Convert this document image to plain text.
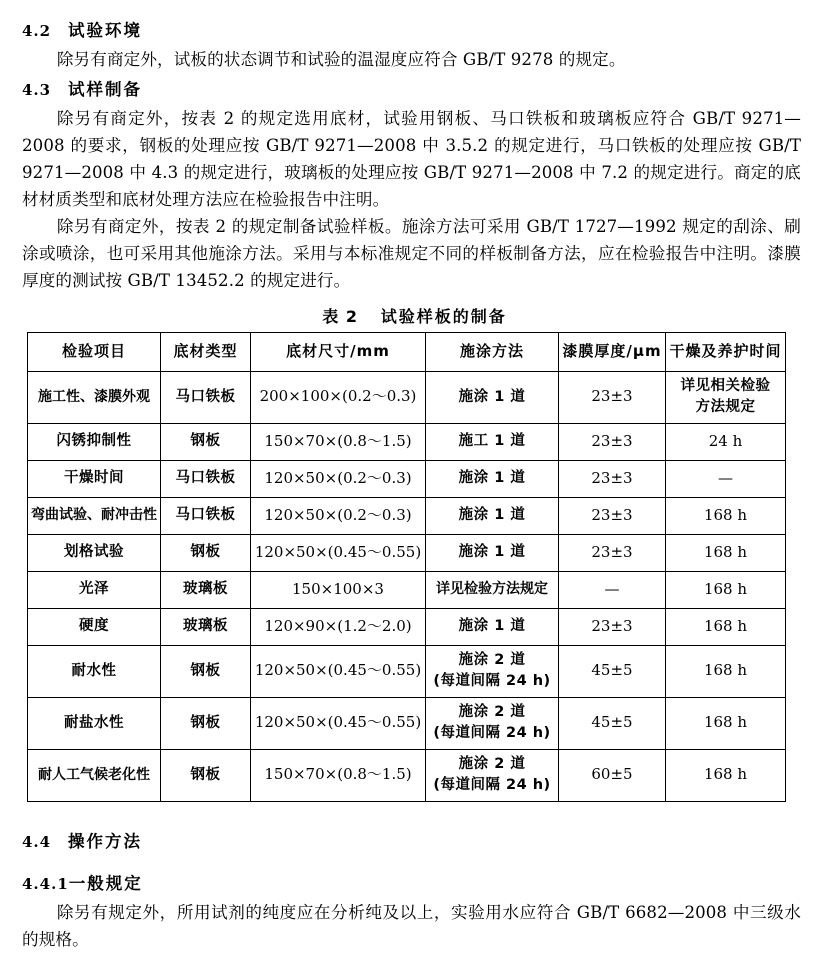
4.2 试验环境

除另有商定外，试板的状态调节和试验的温湿度应符合 GB/T 9278 的规定。

4.3 试样制备

除另有商定外，按表 2 的规定选用底材，试验用钢板、马口铁板和玻璃板应符合 GB/T 9271—2008 的要求，钢板的处理应按 GB/T 9271—2008 中 3.5.2 的规定进行，马口铁板的处理应按 GB/T 9271—2008 中 4.3 的规定进行，玻璃板的处理应按 GB/T 9271—2008 中 7.2 的规定进行。商定的底材材质类型和底材处理方法应在检验报告中注明。

除另有商定外，按表 2 的规定制备试验样板。施涂方法可采用 GB/T 1727—1992 规定的刮涂、刷涂或喷涂，也可采用其他施涂方法。采用与本标准规定不同的样板制备方法，应在检验报告中注明。漆膜厚度的测试按 GB/T 13452.2 的规定进行。

表 2 试验样板的制备

检验项目	底材类型	底材尺寸/mm	施涂方法	漆膜厚度/μm	干燥及养护时间

施工性、漆膜外观	马口铁板	200×100×(0.2～0.3)	施涂 1 道	23±3	详见相关检验
方法规定

闪锈抑制性	钢板	150×70×(0.8～1.5)	施工 1 道	23±3	24 h

干燥时间	马口铁板	120×50×(0.2～0.3)	施涂 1 道	23±3	—

弯曲试验、耐冲击性	马口铁板	120×50×(0.2～0.3)	施涂 1 道	23±3	168 h

划格试验	钢板	120×50×(0.45～0.55)	施涂 1 道	23±3	168 h

光泽	玻璃板	150×100×3	详见检验方法规定	—	168 h

硬度	玻璃板	120×90×(1.2～2.0)	施涂 1 道	23±3	168 h

耐水性	钢板	120×50×(0.45～0.55)	施涂 2 道
(每道间隔 24 h)	45±5	168 h

耐盐水性	钢板	120×50×(0.45～0.55)	施涂 2 道
(每道间隔 24 h)	45±5	168 h

耐人工气候老化性	钢板	150×70×(0.8～1.5)	施涂 2 道
(每道间隔 24 h)	60±5	168 h
4.4 操作方法
4.4.1一般规定

除另有规定外，所用试剂的纯度应在分析纯及以上，实验用水应符合 GB/T 6682—2008 中三级水的规格。
